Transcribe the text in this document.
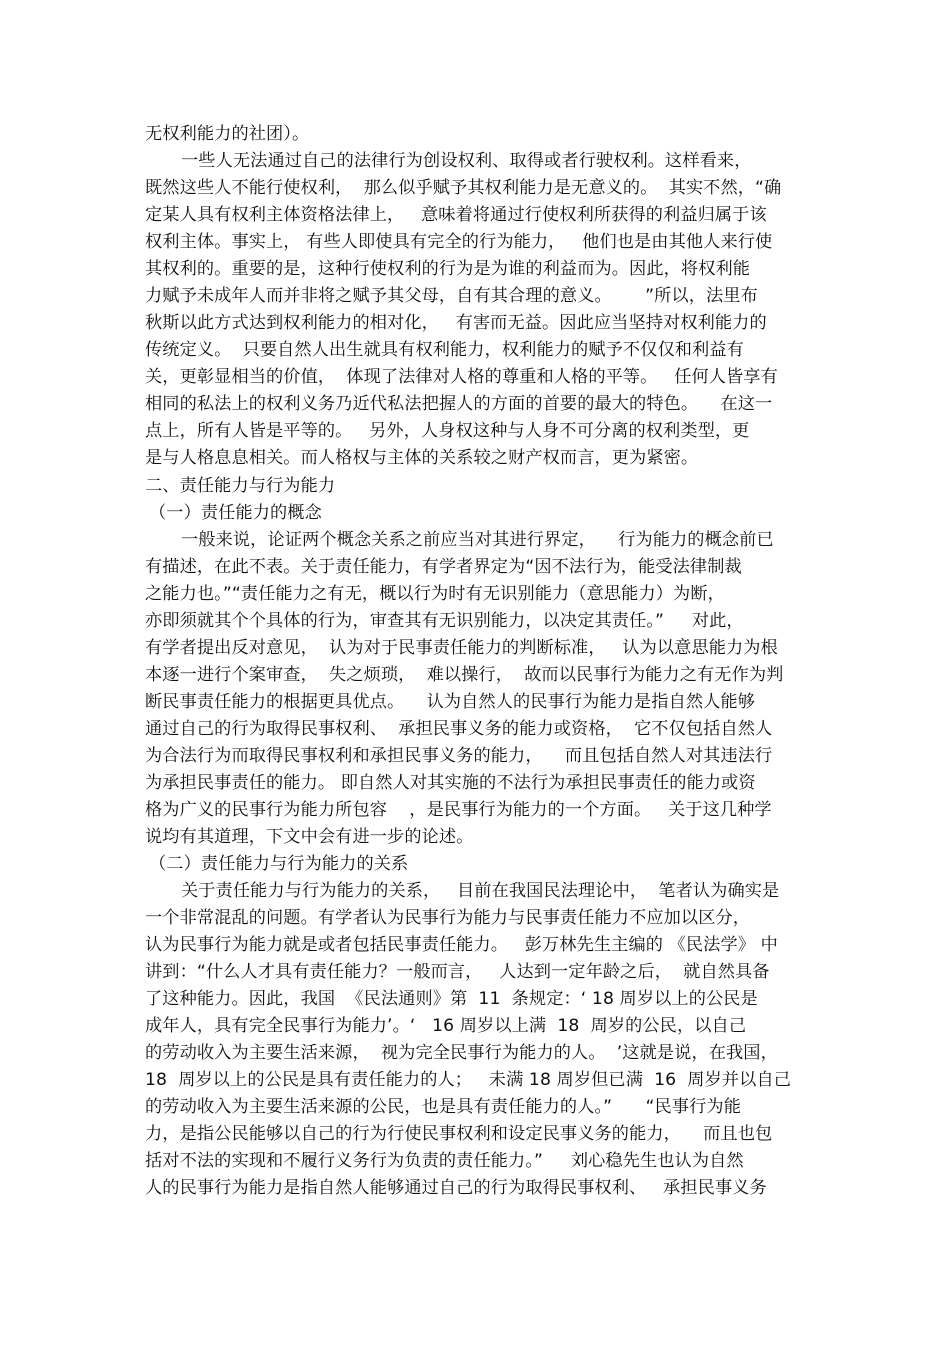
无权利能力的社团）。
一些人无法通过自己的法律行为创设权利、取得或者行驶权利。这样看来，
既然这些人不能行使权利，  那么似乎赋予其权利能力是无意义的。  其实不然，“确
定某人具有权利主体资格法律上，   意味着将通过行使权利所获得的利益归属于该
权利主体。事实上， 有些人即使具有完全的行为能力，   他们也是由其他人来行使
其权利的。重要的是，这种行使权利的行为是为谁的利益而为。因此，将权利能
力赋予未成年人而并非将之赋予其父母，自有其合理的意义。      ”所以，法里布
秋斯以此方式达到权利能力的相对化，   有害而无益。因此应当坚持对权利能力的
传统定义。  只要自然人出生就具有权利能力，权利能力的赋予不仅仅和利益有
关，更彰显相当的价值，  体现了法律对人格的尊重和人格的平等。   任何人皆享有
相同的私法上的权利义务乃近代私法把握人的方面的首要的最大的特色。    在这一
点上，所有人皆是平等的。   另外，人身权这种与人身不可分离的权利类型，更
是与人格息息相关。而人格权与主体的关系较之财产权而言，更为紧密。
二、责任能力与行为能力
（一）责任能力的概念
一般来说，论证两个概念关系之前应当对其进行界定，    行为能力的概念前已
有描述，在此不表。关于责任能力，有学者界定为“因不法行为，能受法律制裁
之能力也。”“责任能力之有无，概以行为时有无识别能力（意思能力）为断，
亦即须就其个个具体的行为，审查其有无识别能力，以决定其责任。”     对此，
有学者提出反对意见，  认为对于民事责任能力的判断标准，   认为以意思能力为根
本逐一进行个案审查，  失之烦琐，  难以操行，  故而以民事行为能力之有无作为判
断民事责任能力的根据更具优点。    认为自然人的民事行为能力是指自然人能够
通过自己的行为取得民事权利、  承担民事义务的能力或资格，  它不仅包括自然人
为合法行为而取得民事权利和承担民事义务的能力，    而且包括自然人对其违法行
为承担民事责任的能力。 即自然人对其实施的不法行为承担民事责任的能力或资
格为广义的民事行为能力所包容    ，是民事行为能力的一个方面。   关于这几种学
说均有其道理，下文中会有进一步的论述。
（二）责任能力与行为能力的关系
关于责任能力与行为能力的关系，   目前在我国民法理论中，  笔者认为确实是
一个非常混乱的问题。有学者认为民事行为能力与民事责任能力不应加以区分，
认为民事行为能力就是或者包括民事责任能力。   彭万林先生主编的 《民法学》 中
讲到：“什么人才具有责任能力？一般而言，   人达到一定年龄之后，  就自然具备
了这种能力。因此，我国  《民法通则》第  11  条规定：‘ 18 周岁以上的公民是
成年人，具有完全民事行为能力’。‘   16 周岁以上满  18  周岁的公民，以自己
的劳动收入为主要生活来源，  视为完全民事行为能力的人。  ’这就是说，在我国，
18  周岁以上的公民是具有责任能力的人；   未满 18 周岁但已满  16  周岁并以自己
的劳动收入为主要生活来源的公民，也是具有责任能力的人。”      “民事行为能
力，是指公民能够以自己的行为行使民事权利和设定民事义务的能力，    而且也包
括对不法的实现和不履行义务行为负责的责任能力。”     刘心稳先生也认为自然
人的民事行为能力是指自然人能够通过自己的行为取得民事权利、   承担民事义务
